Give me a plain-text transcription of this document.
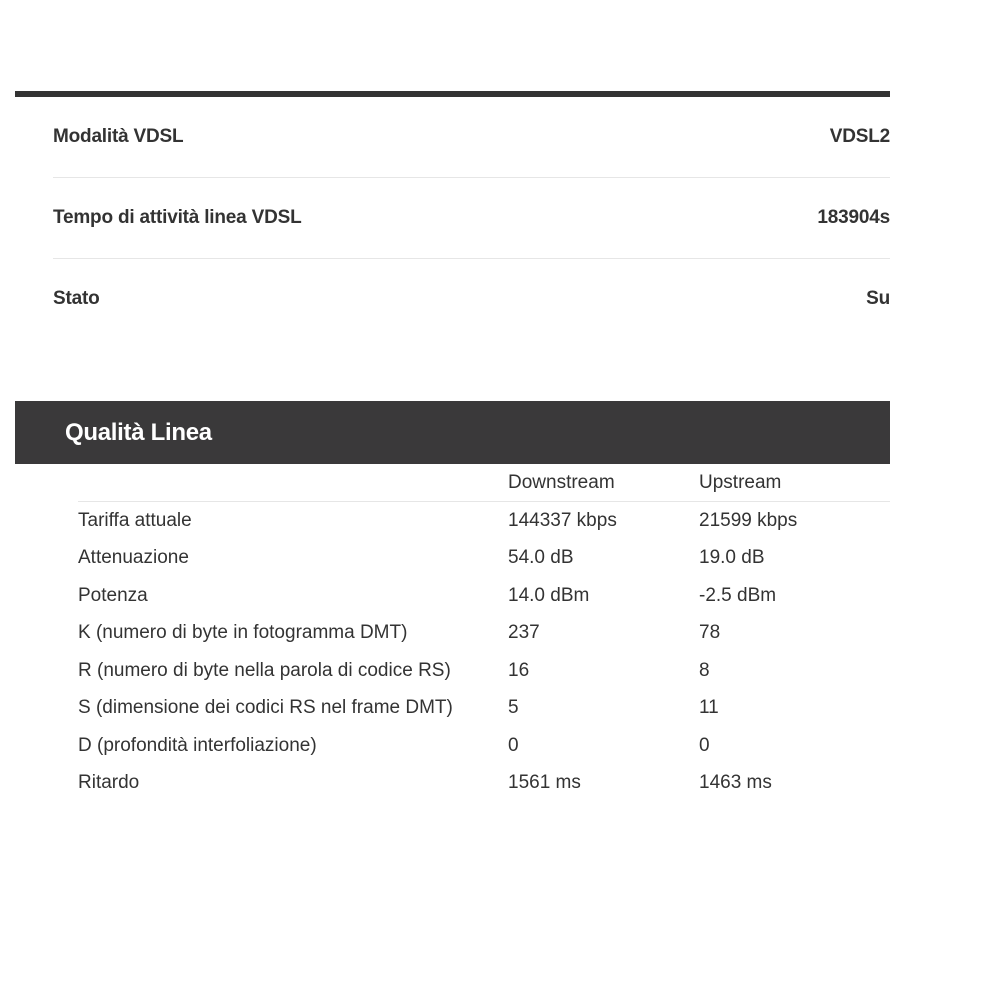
Modalità VDSL	VDSL2
Tempo di attività linea VDSL	183904s
Stato	Su
Qualità Linea
	Downstream	Upstream
Tariffa attuale	144337 kbps	21599 kbps
Attenuazione	54.0 dB	19.0 dB
Potenza	14.0 dBm	-2.5 dBm
K (numero di byte in fotogramma DMT)	237	78
R (numero di byte nella parola di codice RS)	16	8
S (dimensione dei codici RS nel frame DMT)	5	11
D (profondità interfoliazione)	0	0
Ritardo	1561 ms	1463 ms
